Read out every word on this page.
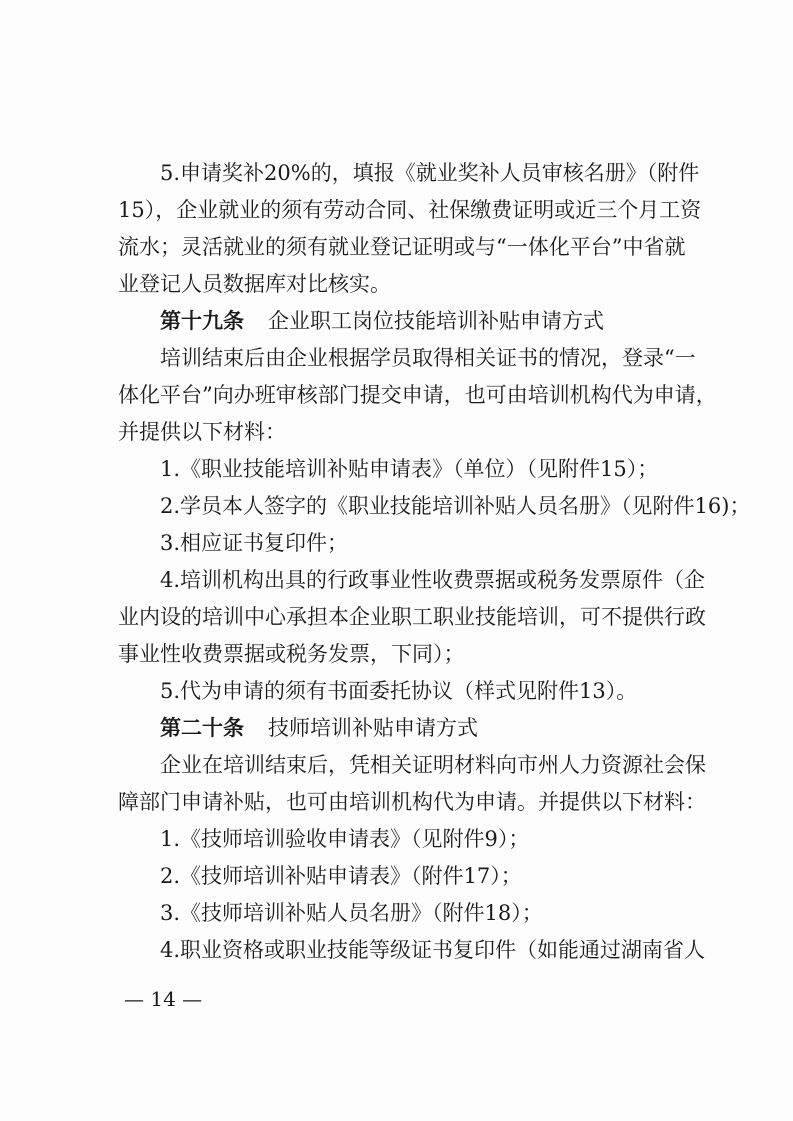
5.申请奖补20%的，填报《就业奖补人员审核名册》（附件
15），企业就业的须有劳动合同、社保缴费证明或近三个月工资
流水；灵活就业的须有就业登记证明或与“一体化平台”中省就
业登记人员数据库对比核实。
第十九条 企业职工岗位技能培训补贴申请方式
培训结束后由企业根据学员取得相关证书的情况，登录“一
体化平台”向办班审核部门提交申请，也可由培训机构代为申请，
并提供以下材料：
1.《职业技能培训补贴申请表》（单位）（见附件15）；
2.学员本人签字的《职业技能培训补贴人员名册》（见附件16)；
3.相应证书复印件；
4.培训机构出具的行政事业性收费票据或税务发票原件（企
业内设的培训中心承担本企业职工职业技能培训，可不提供行政
事业性收费票据或税务发票，下同）；
5.代为申请的须有书面委托协议（样式见附件13）。
第二十条 技师培训补贴申请方式
企业在培训结束后，凭相关证明材料向市州人力资源社会保
障部门申请补贴，也可由培训机构代为申请。并提供以下材料：
1.《技师培训验收申请表》（见附件9）；
2.《技师培训补贴申请表》（附件17）；
3.《技师培训补贴人员名册》（附件18）；
4.职业资格或职业技能等级证书复印件（如能通过湖南省人
— 14 —
